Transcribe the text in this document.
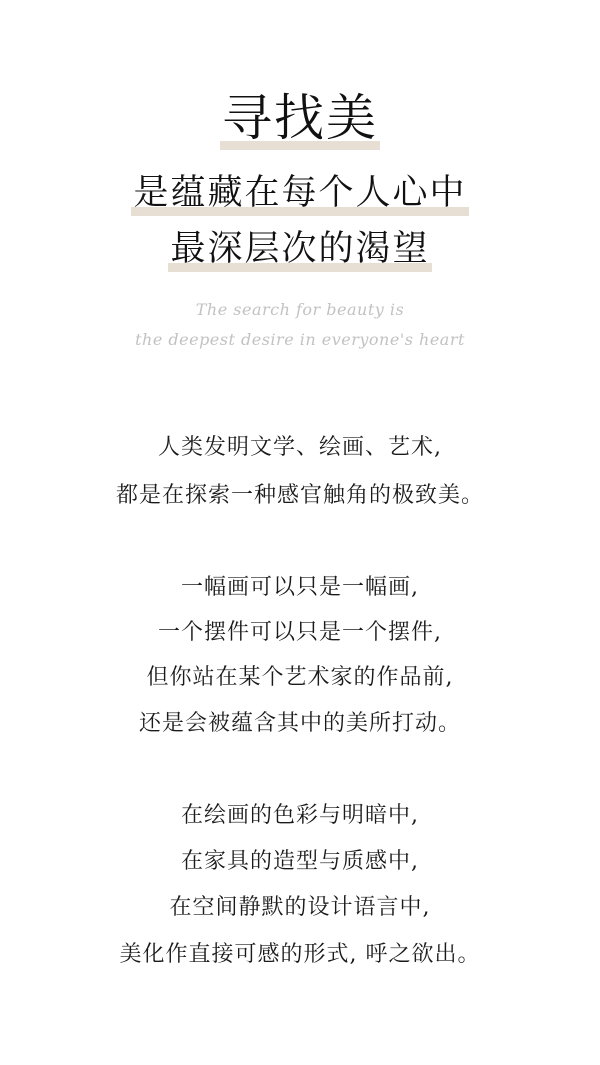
寻找美
是蕴藏在每个人心中
最深层次的渴望
The search for beauty is
the deepest desire in everyone's heart
人类发明文学、绘画、艺术,
都是在探索一种感官触角的极致美。
一幅画可以只是一幅画,
一个摆件可以只是一个摆件,
但你站在某个艺术家的作品前,
还是会被蕴含其中的美所打动。
在绘画的色彩与明暗中,
在家具的造型与质感中,
在空间静默的设计语言中,
美化作直接可感的形式, 呼之欲出。
